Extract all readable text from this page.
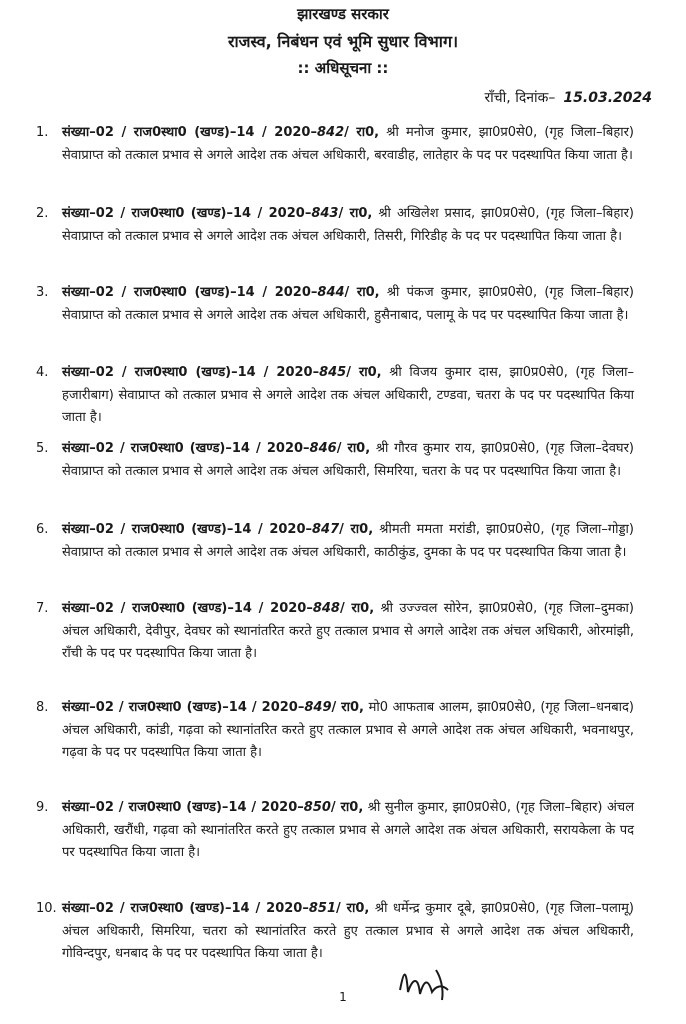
झारखण्ड सरकार
राजस्व, निबंधन एवं भूमि सुधार विभाग।
:: अधिसूचना ::
राँची, दिनांक– 15.03.2024
1.	संख्या–02 / राज0स्था0 (खण्ड)–14 / 2020–842/ रा0, श्री मनोज कुमार, झा0प्र0से0, (गृह जिला–बिहार) सेवाप्राप्त को तत्काल प्रभाव से अगले आदेश तक अंचल अधिकारी, बरवाडीह, लातेहार के पद पर पदस्थापित किया जाता है।
2.	संख्या–02 / राज0स्था0 (खण्ड)–14 / 2020–843/ रा0, श्री अखिलेश प्रसाद, झा0प्र0से0, (गृह जिला–बिहार) सेवाप्राप्त को तत्काल प्रभाव से अगले आदेश तक अंचल अधिकारी, तिसरी, गिरिडीह के पद पर पदस्थापित किया जाता है।
3.	संख्या–02 / राज0स्था0 (खण्ड)–14 / 2020–844/ रा0, श्री पंकज कुमार, झा0प्र0से0, (गृह जिला–बिहार) सेवाप्राप्त को तत्काल प्रभाव से अगले आदेश तक अंचल अधिकारी, हुसैनाबाद, पलामू के पद पर पदस्थापित किया जाता है।
4.	संख्या–02 / राज0स्था0 (खण्ड)–14 / 2020–845/ रा0, श्री विजय कुमार दास, झा0प्र0से0, (गृह जिला–हजारीबाग) सेवाप्राप्त को तत्काल प्रभाव से अगले आदेश तक अंचल अधिकारी, टण्डवा, चतरा के पद पर पदस्थापित किया जाता है।
5.	संख्या–02 / राज0स्था0 (खण्ड)–14 / 2020–846/ रा0, श्री गौरव कुमार राय, झा0प्र0से0, (गृह जिला–देवघर) सेवाप्राप्त को तत्काल प्रभाव से अगले आदेश तक अंचल अधिकारी, सिमरिया, चतरा के पद पर पदस्थापित किया जाता है।
6.	संख्या–02 / राज0स्था0 (खण्ड)–14 / 2020–847/ रा0, श्रीमती ममता मरांडी, झा0प्र0से0, (गृह जिला–गोड्डा) सेवाप्राप्त को तत्काल प्रभाव से अगले आदेश तक अंचल अधिकारी, काठीकुंड, दुमका के पद पर पदस्थापित किया जाता है।
7.	संख्या–02 / राज0स्था0 (खण्ड)–14 / 2020–848/ रा0, श्री उज्ज्वल सोरेन, झा0प्र0से0, (गृह जिला–दुमका) अंचल अधिकारी, देवीपुर, देवघर को स्थानांतरित करते हुए तत्काल प्रभाव से अगले आदेश तक अंचल अधिकारी, ओरमांझी, राँची के पद पर पदस्थापित किया जाता है।
8.	संख्या–02 / राज0स्था0 (खण्ड)–14 / 2020–849/ रा0, मो0 आफताब आलम, झा0प्र0से0, (गृह जिला–धनबाद) अंचल अधिकारी, कांडी, गढ़वा को स्थानांतरित करते हुए तत्काल प्रभाव से अगले आदेश तक अंचल अधिकारी, भवनाथपुर, गढ़वा के पद पर पदस्थापित किया जाता है।
9.	संख्या–02 / राज0स्था0 (खण्ड)–14 / 2020–850/ रा0, श्री सुनील कुमार, झा0प्र0से0, (गृह जिला–बिहार) अंचल अधिकारी, खरौंधी, गढ़वा को स्थानांतरित करते हुए तत्काल प्रभाव से अगले आदेश तक अंचल अधिकारी, सरायकेला के पद पर पदस्थापित किया जाता है।
10. संख्या–02 / राज0स्था0 (खण्ड)–14 / 2020–851/ रा0, श्री धर्मेन्द्र कुमार दूबे, झा0प्र0से0, (गृह जिला–पलामू) अंचल अधिकारी, सिमरिया, चतरा को स्थानांतरित करते हुए तत्काल प्रभाव से अगले आदेश तक अंचल अधिकारी, गोविन्दपुर, धनबाद के पद पर पदस्थापित किया जाता है।
1
